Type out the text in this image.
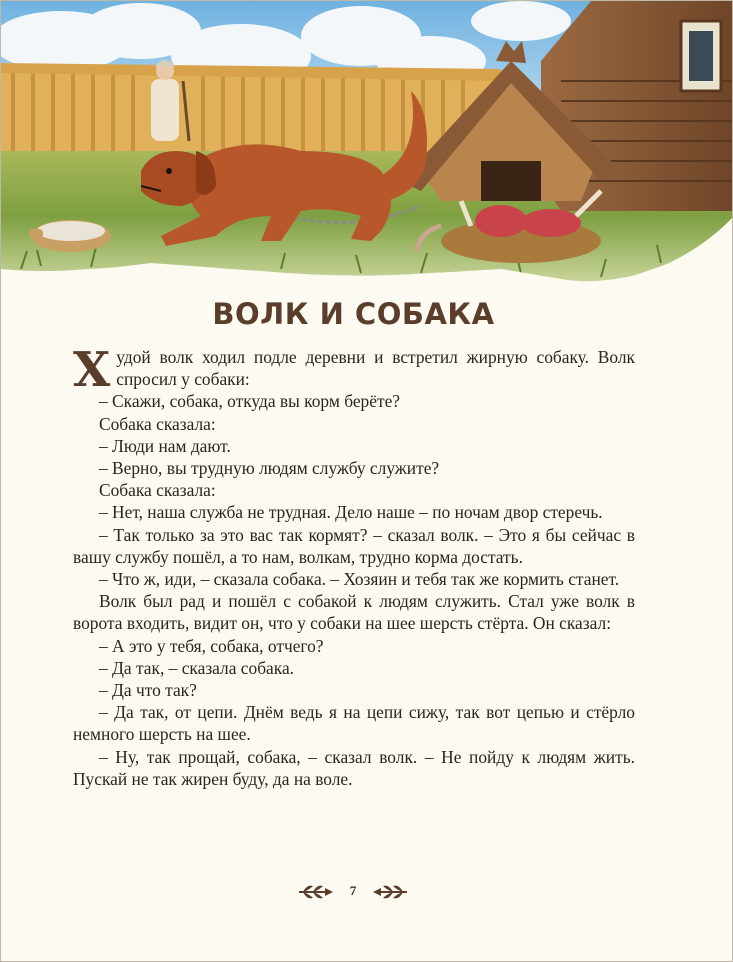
ВОЛК И СОБАКА

Худой волк ходил подле деревни и встретил жирную собаку. Волк спросил у собаки:

– Скажи, собака, откуда вы корм берёте?

Собака сказала:

– Люди нам дают.

– Верно, вы трудную людям службу служите?

Собака сказала:

– Нет, наша служба не трудная. Дело наше – по ночам двор стеречь.

– Так только за это вас так кормят? – сказал волк. – Это я бы сейчас в вашу службу пошёл, а то нам, волкам, трудно корма достать.

– Что ж, иди, – сказала собака. – Хозяин и тебя так же кормить станет.

Волк был рад и пошёл с собакой к людям служить. Стал уже волк в ворота входить, видит он, что у собаки на шее шерсть стёрта. Он сказал:

– А это у тебя, собака, отчего?

– Да так, – сказала собака.

– Да что так?

– Да так, от цепи. Днём ведь я на цепи сижу, так вот цепью и стёрло немного шерсть на шее.

– Ну, так прощай, собака, – сказал волк. – Не пойду к людям жить. Пускай не так жирен буду, да на воле.

7
